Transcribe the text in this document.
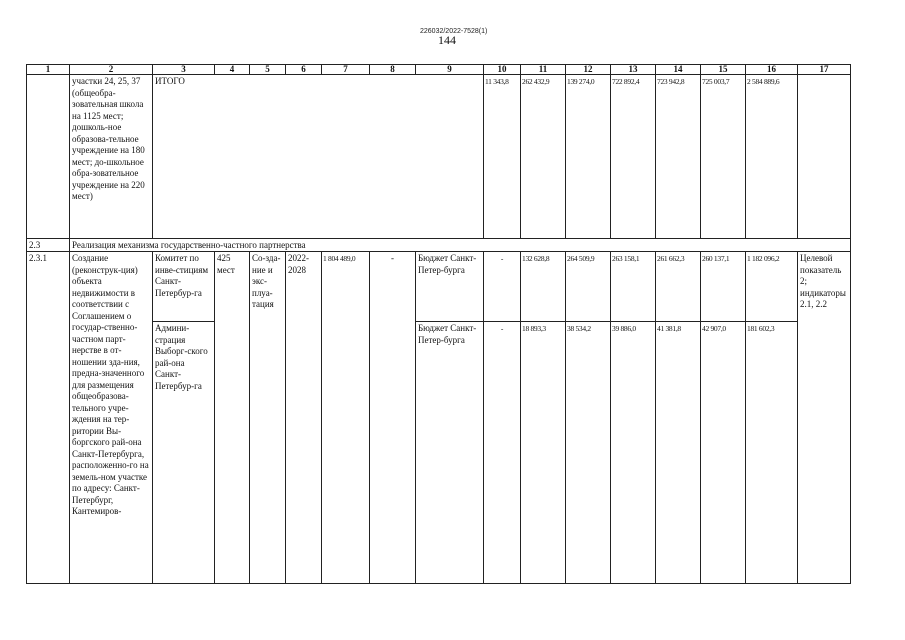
226032/2022-7528(1)
144
1	2	3	4	5	6	7	8	9	10	11	12	13	14	15	16	17
	участки 24, 25, 37 (общеобра-зовательная школа на 1125 мест; дошколь-ное образова-тельное учреждение на 180 мест; до-школьное обра-зовательное учреждение на 220 мест)	ИТОГО							11 343,8	262 432,9	139 274,0	722 892,4	723 942,8	725 003,7	2 584 889,6	
2.3	Реализация механизма государственно-частного партнерства															
2.3.1	Создание (реконструк-ция) объекта недвижимости в соответствии с Соглашением о государ-ственно-частном парт-нерстве в от-ношении зда-ния, предна-значенного для размещения общеобразова-тельного учре-ждения на тер-ритории Вы-боргского рай-она Санкт-Петербурга, расположенно-го на земель-ном участке по адресу: Санкт-Петербург, Кантемиров-	Комитет по инве-стициям Санкт-Петербур-га	425 мест	Со-зда-ние и экс-плуа-тация	2022-2028	1 804 489,0	-	Бюджет Санкт-Петер-бурга	-	132 628,8	264 509,9	263 158,1	261 662,3	260 137,1	1 182 096,2	Целевой показатель 2; индикаторы 2.1, 2.2
		Админи-страция Выборг-ского рай-она Санкт-Петербур-га						Бюджет Санкт-Петер-бурга	-	18 893,3	38 534,2	39 886,0	41 381,8	42 907,0	181 602,3	
